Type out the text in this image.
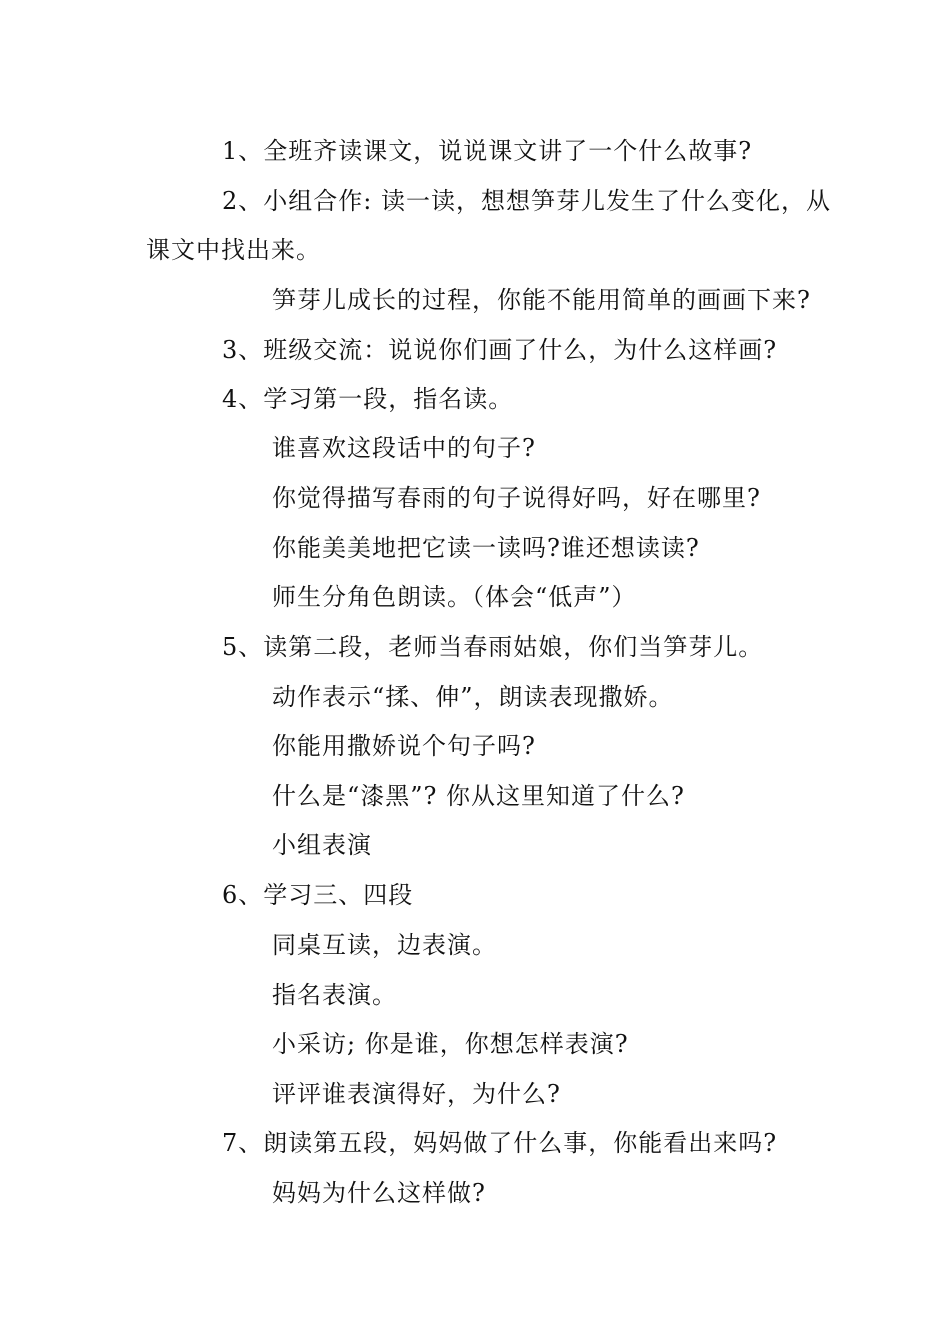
1、全班齐读课文，说说课文讲了一个什么故事?
2、小组合作: 读一读，想想笋芽儿发生了什么变化，从
课文中找出来。
笋芽儿成长的过程，你能不能用简单的画画下来?
3、班级交流：说说你们画了什么，为什么这样画?
4、学习第一段，指名读。
谁喜欢这段话中的句子?
你觉得描写春雨的句子说得好吗，好在哪里?
你能美美地把它读一读吗?谁还想读读?
师生分角色朗读。（体会“低声”）
5、读第二段，老师当春雨姑娘，你们当笋芽儿。
动作表示“揉、伸”，朗读表现撒娇。
你能用撒娇说个句子吗?
什么是“漆黑”? 你从这里知道了什么?
小组表演
6、学习三、四段
同桌互读，边表演。
指名表演。
小采访; 你是谁，你想怎样表演?
评评谁表演得好，为什么?
7、朗读第五段，妈妈做了什么事，你能看出来吗?
妈妈为什么这样做?
